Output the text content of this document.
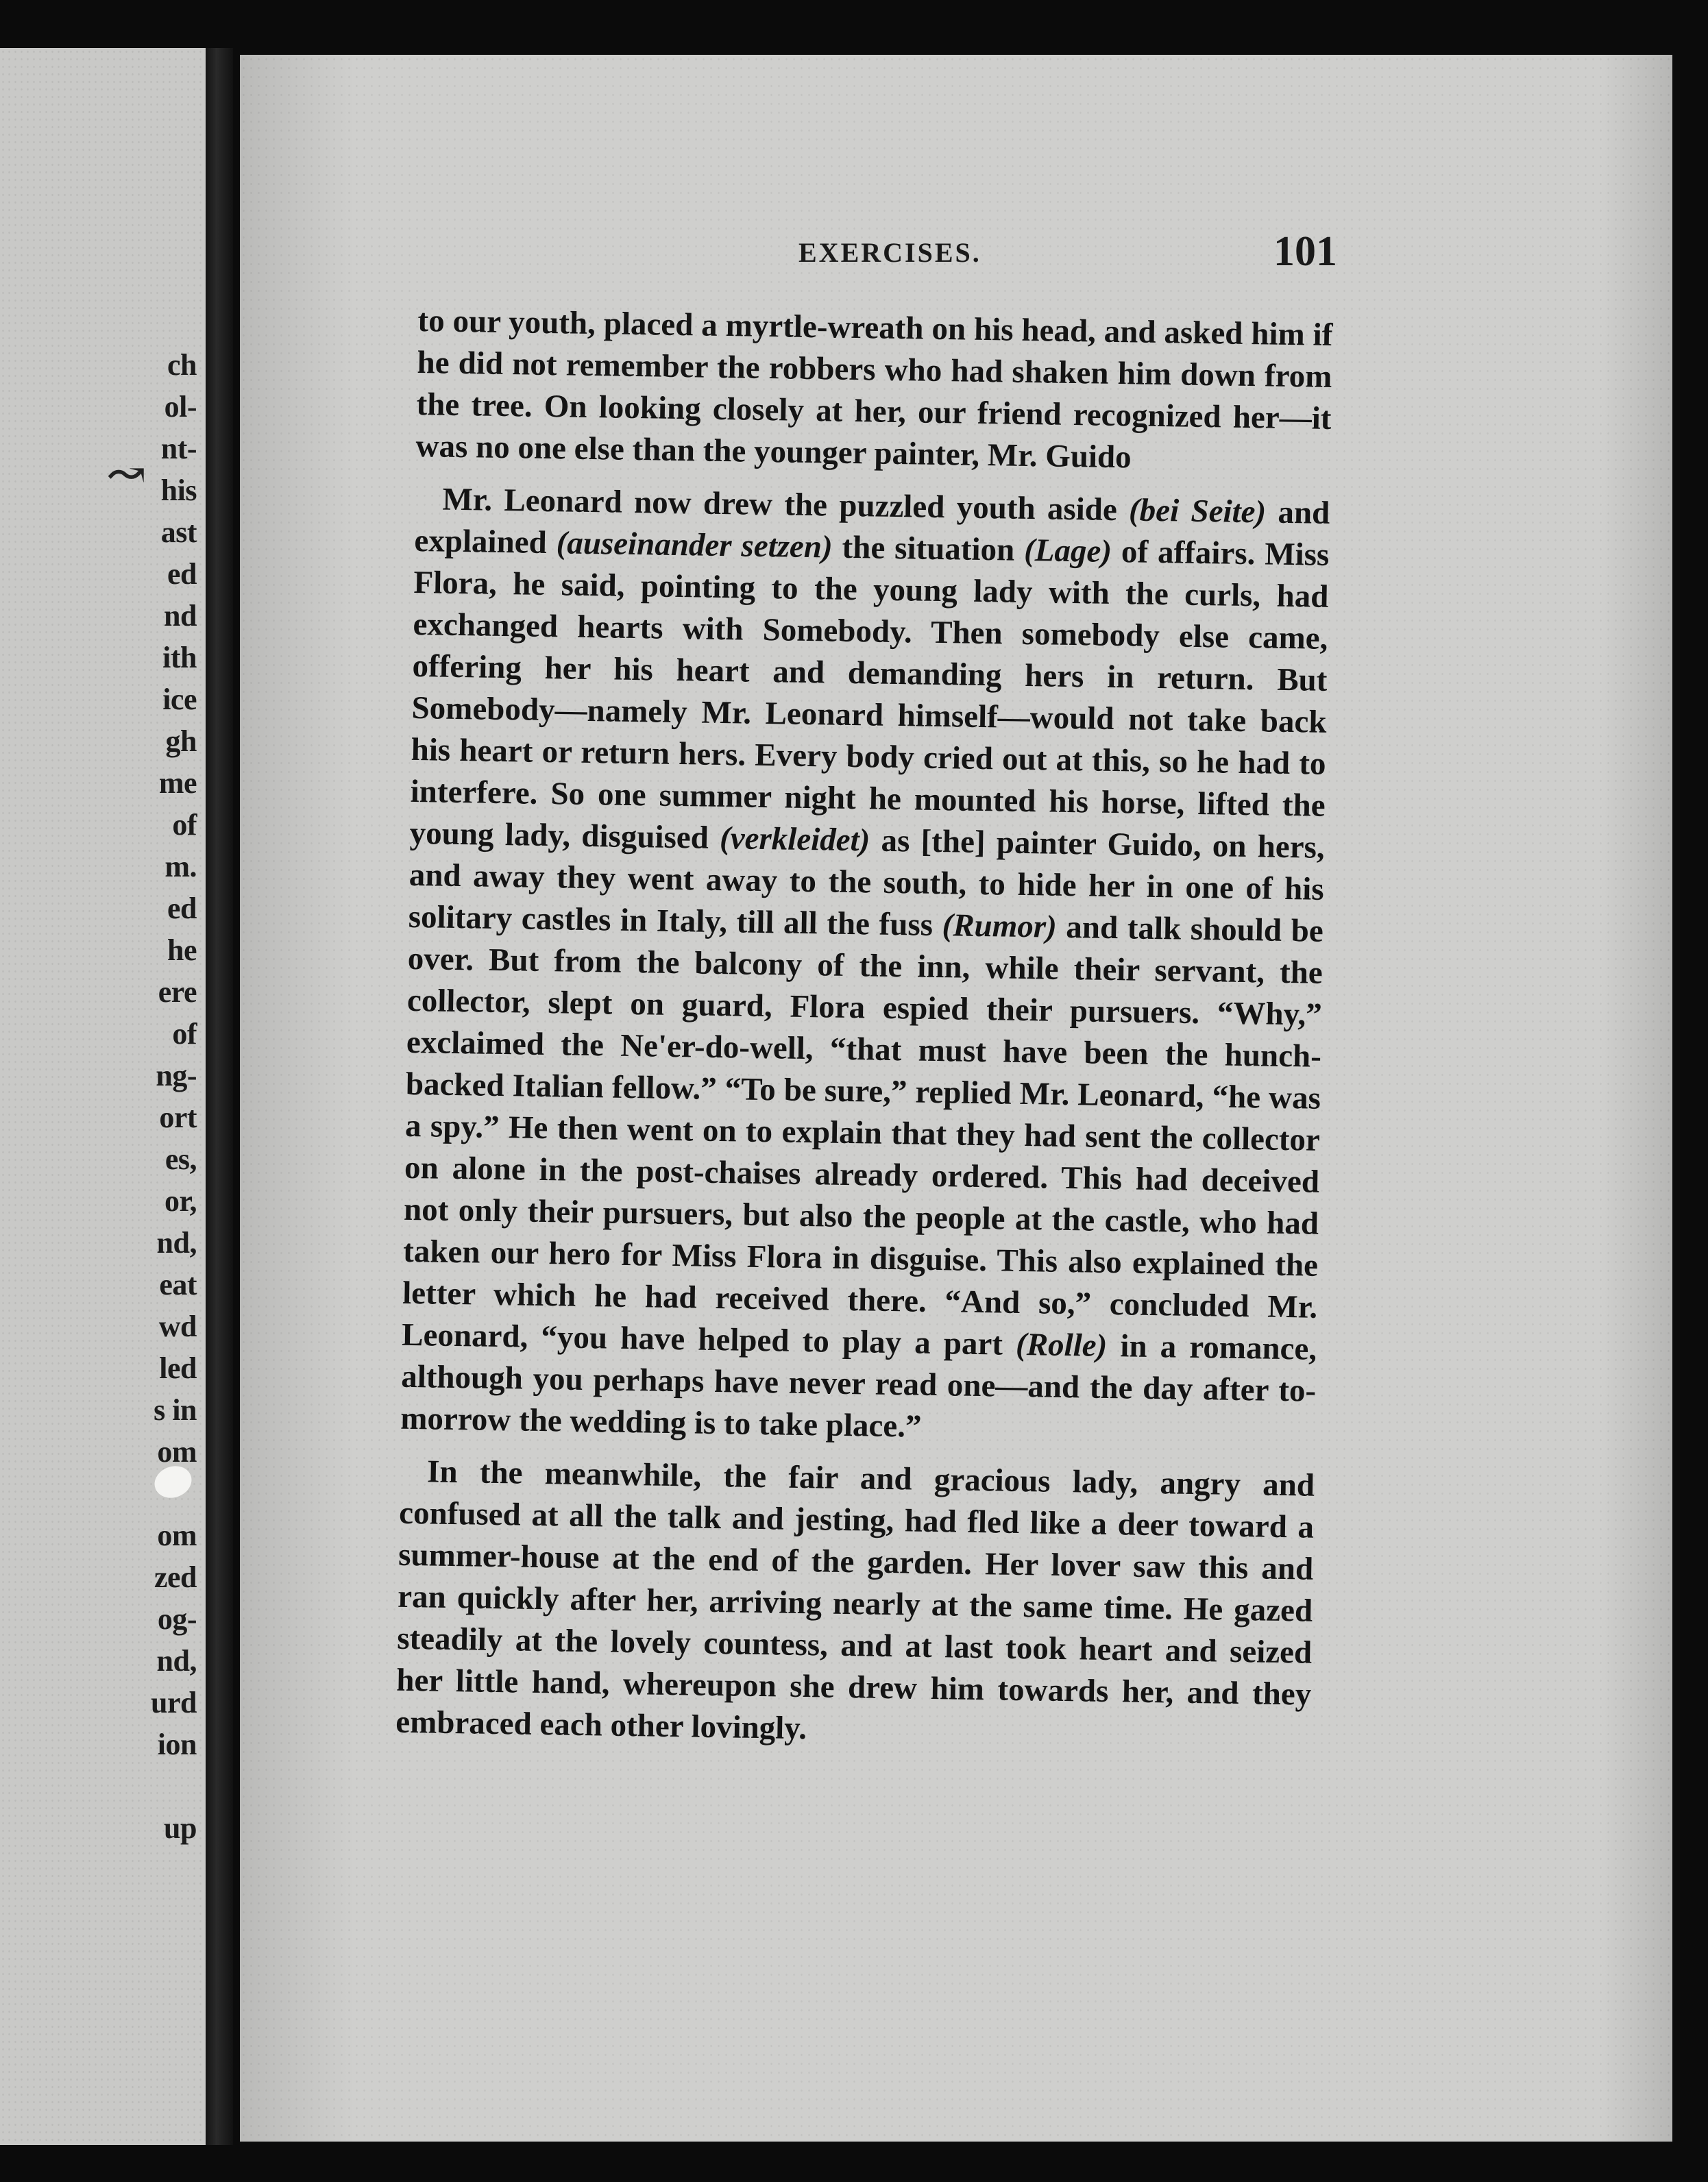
ch
ol-
nt-
his
ast
ed
nd
ith
ice
gh
me
of
m.
ed
he
ere
of
ng-
ort
es,
or,
nd,
eat
wd
led
s in
om
om
zed
og-
nd,
urd
ion
up
↝
EXERCISES.	101

to our youth, placed a myrtle-wreath on his head, and asked him if he did not remember the robbers who had shaken him down from the tree. On looking closely at her, our friend recognized her—it was no one else than the younger painter, Mr. Guido

Mr. Leonard now drew the puzzled youth aside (bei Seite) and explained (auseinander setzen) the situation (Lage) of affairs. Miss Flora, he said, pointing to the young lady with the curls, had exchanged hearts with Somebody. Then somebody else came, offering her his heart and demanding hers in return. But Somebody—namely Mr. Leonard himself—would not take back his heart or return hers. Every body cried out at this, so he had to interfere. So one summer night he mounted his horse, lifted the young lady, disguised (verkleidet) as [the] painter Guido, on hers, and away they went away to the south, to hide her in one of his solitary castles in Italy, till all the fuss (Rumor) and talk should be over. But from the balcony of the inn, while their servant, the collector, slept on guard, Flora espied their pursuers. “Why,” exclaimed the Ne'er-do-well, “that must have been the hunch-backed Italian fellow.” “To be sure,” replied Mr. Leonard, “he was a spy.” He then went on to explain that they had sent the collector on alone in the post-chaises already ordered. This had deceived not only their pursuers, but also the people at the castle, who had taken our hero for Miss Flora in disguise. This also explained the letter which he had received there. “And so,” concluded Mr. Leonard, “you have helped to play a part (Rolle) in a romance, although you perhaps have never read one—and the day after to-morrow the wedding is to take place.”

In the meanwhile, the fair and gracious lady, angry and confused at all the talk and jesting, had fled like a deer toward a summer-house at the end of the garden. Her lover saw this and ran quickly after her, arriving nearly at the same time. He gazed steadily at the lovely countess, and at last took heart and seized her little hand, whereupon she drew him towards her, and they embraced each other lovingly.
